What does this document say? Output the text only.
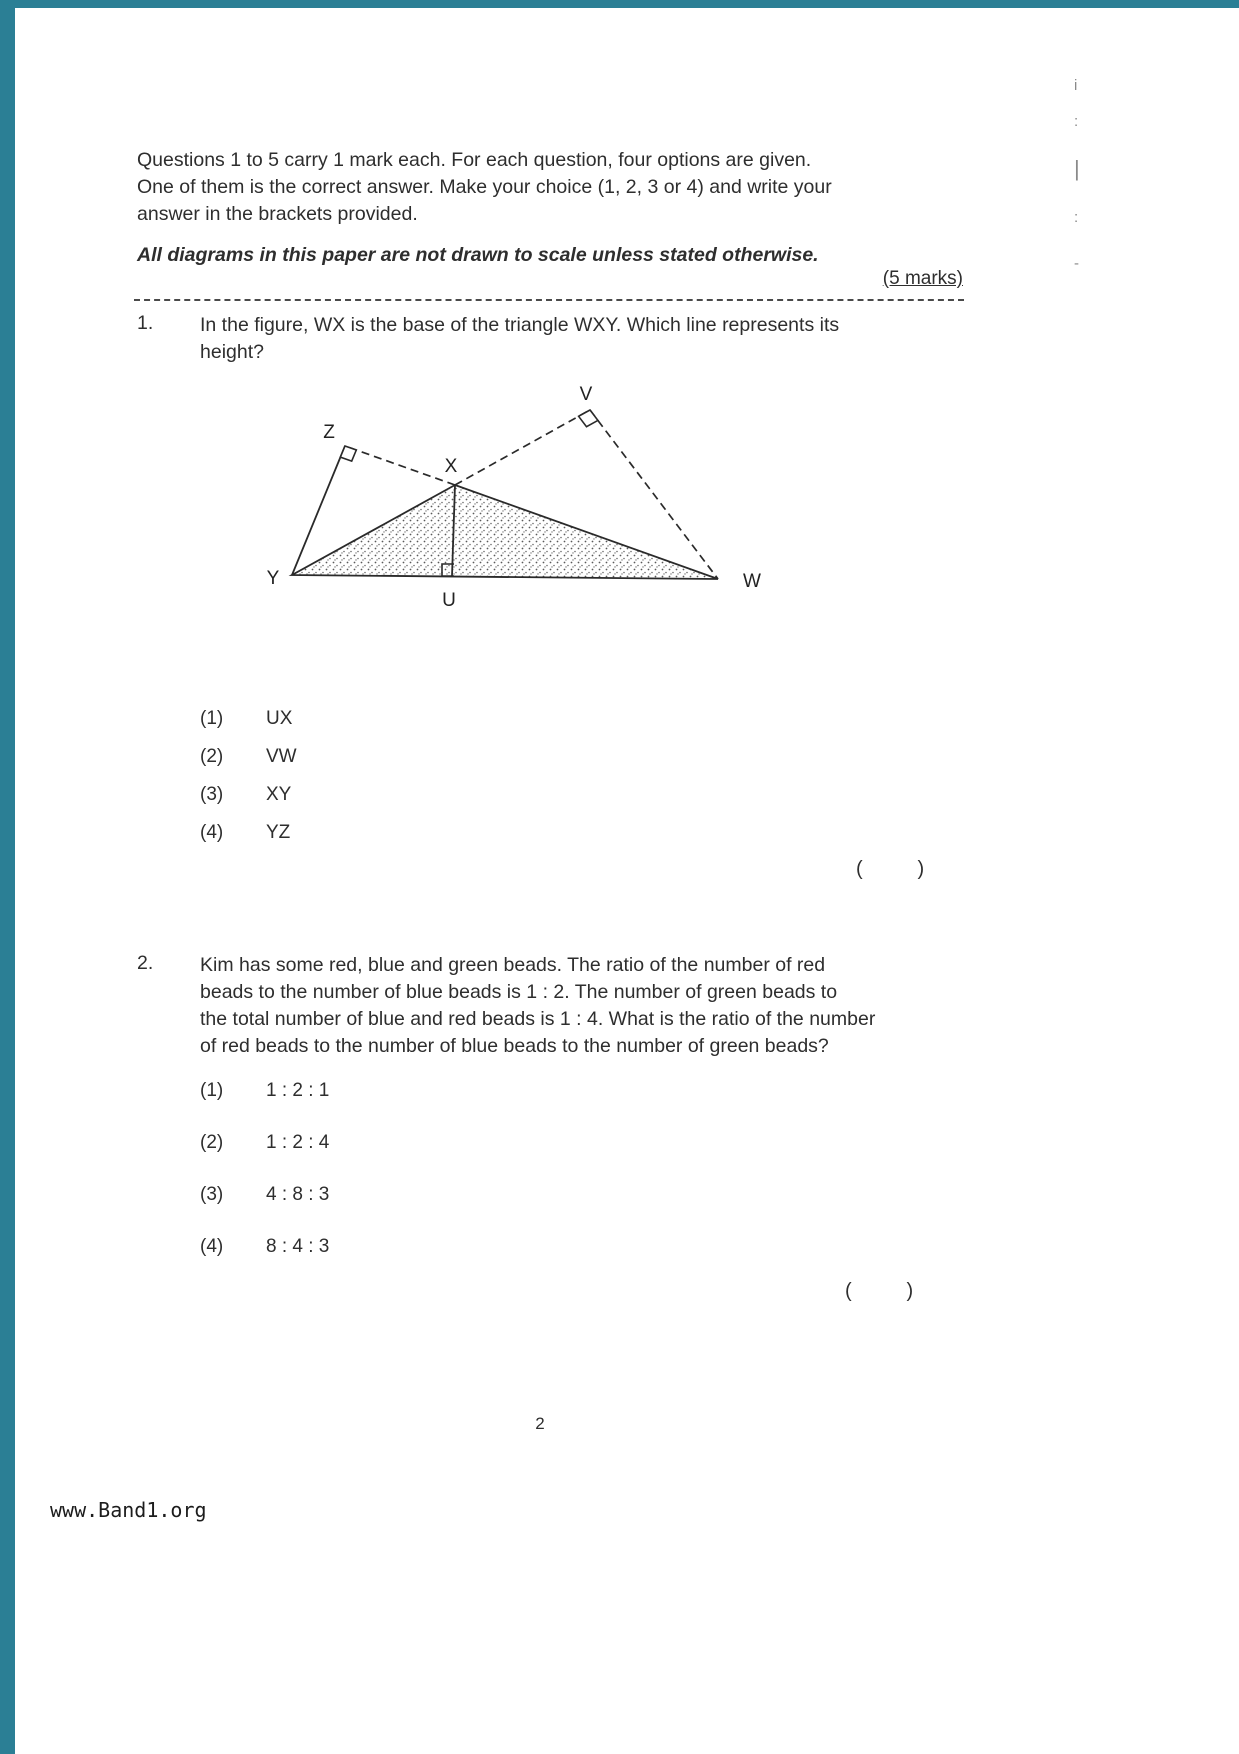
i
:
|
:
-
Questions 1 to 5 carry 1 mark each. For each question, four options are given.
One of them is the correct answer. Make your choice (1, 2, 3 or 4) and write your
answer in the brackets provided.
All diagrams in this paper are not drawn to scale unless stated otherwise.
(5 marks)
1. In the figure, WX is the base of the triangle WXY. Which line represents its
height?
V
Z
X
Y
U
W
(1) UX
(2) VW
(3) XY
(4) YZ
(       )
2. Kim has some red, blue and green beads. The ratio of the number of red
beads to the number of blue beads is 1 : 2. The number of green beads to
the total number of blue and red beads is 1 : 4. What is the ratio of the number
of red beads to the number of blue beads to the number of green beads?
(1) 1 : 2 : 1
(2) 1 : 2 : 4
(3) 4 : 8 : 3
(4) 8 : 4 : 3
(       )
2
www.Band1.org
